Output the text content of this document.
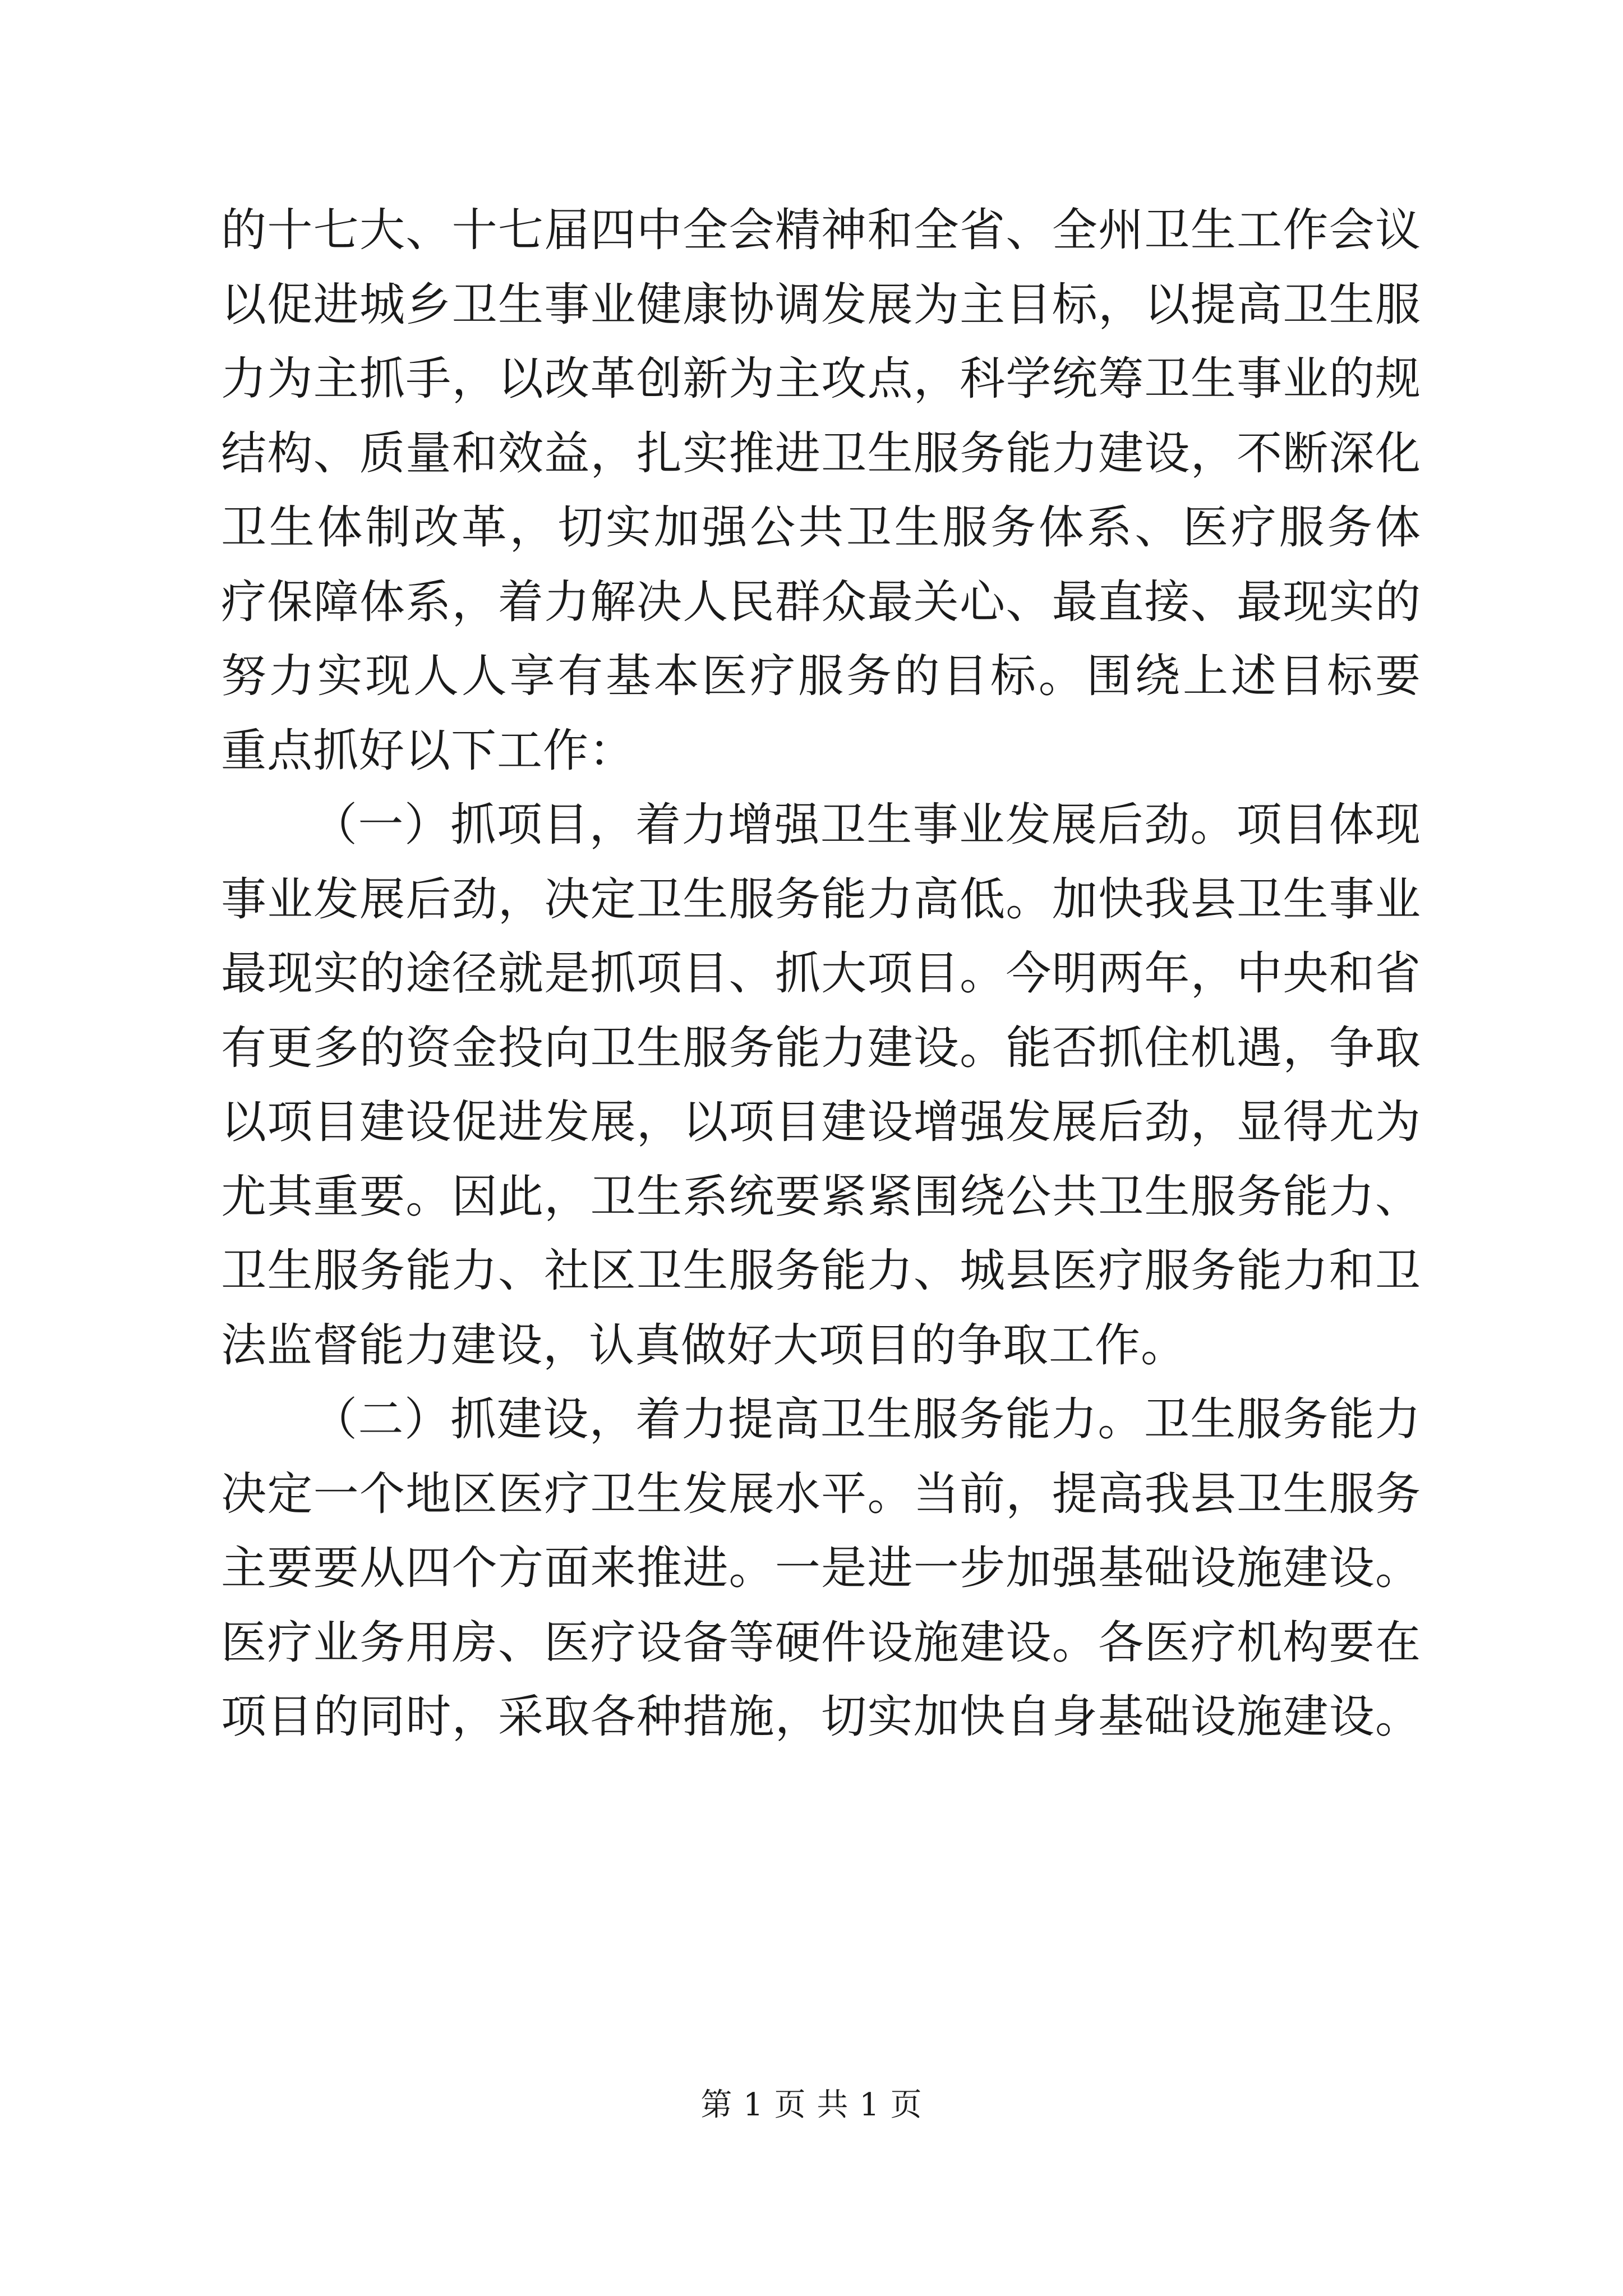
的十七大、十七届四中全会精神和全省、全州卫生工作会议
以促进城乡卫生事业健康协调发展为主目标，以提高卫生服
力为主抓手，以改革创新为主攻点，科学统筹卫生事业的规
结构、质量和效益，扎实推进卫生服务能力建设，不断深化
卫生体制改革，切实加强公共卫生服务体系、医疗服务体
疗保障体系，着力解决人民群众最关心、最直接、最现实的
努力实现人人享有基本医疗服务的目标。围绕上述目标要
重点抓好以下工作：
（一）抓项目，着力增强卫生事业发展后劲。项目体现
事业发展后劲，决定卫生服务能力高低。加快我县卫生事业
最现实的途径就是抓项目、抓大项目。今明两年，中央和省
有更多的资金投向卫生服务能力建设。能否抓住机遇，争取
以项目建设促进发展，以项目建设增强发展后劲，显得尤为
尤其重要。因此，卫生系统要紧紧围绕公共卫生服务能力、
卫生服务能力、社区卫生服务能力、城县医疗服务能力和卫
法监督能力建设，认真做好大项目的争取工作。
（二）抓建设，着力提高卫生服务能力。卫生服务能力
决定一个地区医疗卫生发展水平。当前，提高我县卫生服务
主要要从四个方面来推进。一是进一步加强基础设施建设。
医疗业务用房、医疗设备等硬件设施建设。各医疗机构要在
项目的同时，采取各种措施，切实加快自身基础设施建设。
第 1 页 共 1 页
